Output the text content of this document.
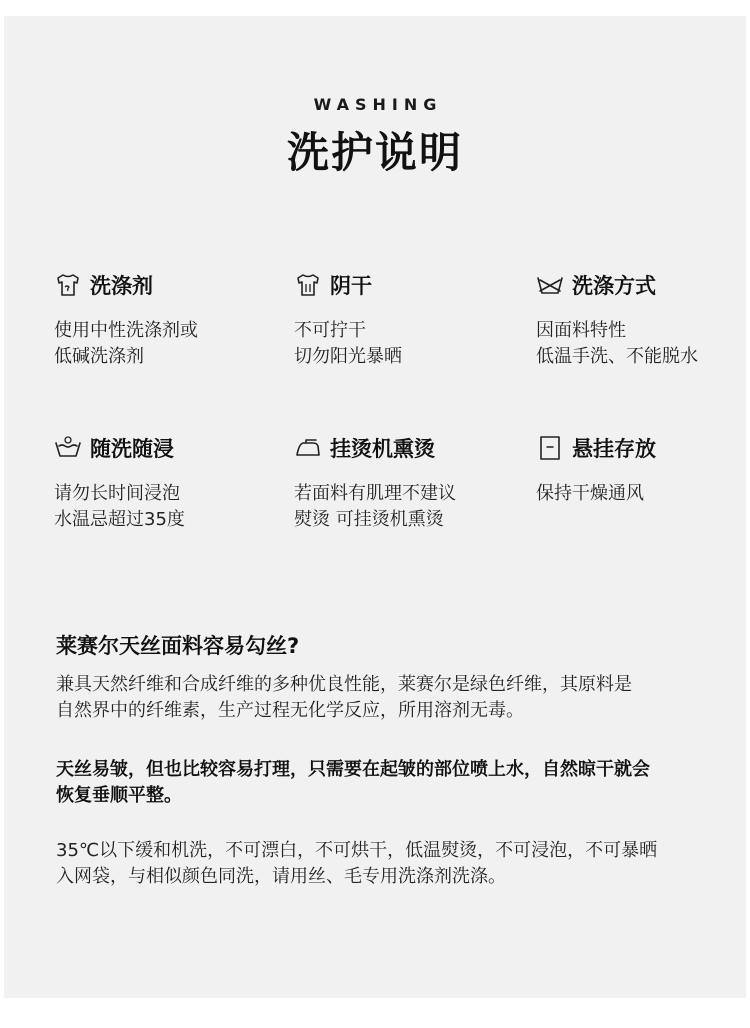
WASHING
洗护说明
洗涤剂
使用中性洗涤剂或
低碱洗涤剂
阴干
不可拧干
切勿阳光暴晒
洗涤方式
因面料特性
低温手洗、不能脱水
随洗随浸
请勿长时间浸泡
水温忌超过35度
挂烫机熏烫
若面料有肌理不建议
熨烫 可挂烫机熏烫
悬挂存放
保持干燥通风
莱赛尔天丝面料容易勾丝?
兼具天然纤维和合成纤维的多种优良性能，莱赛尔是绿色纤维，其原料是
自然界中的纤维素，生产过程无化学反应，所用溶剂无毒。
天丝易皱，但也比较容易打理，只需要在起皱的部位喷上水，自然晾干就会
恢复垂顺平整。
35℃以下缓和机洗，不可漂白，不可烘干，低温熨烫，不可浸泡，不可暴晒
入网袋，与相似颜色同洗，请用丝、毛专用洗涤剂洗涤。
